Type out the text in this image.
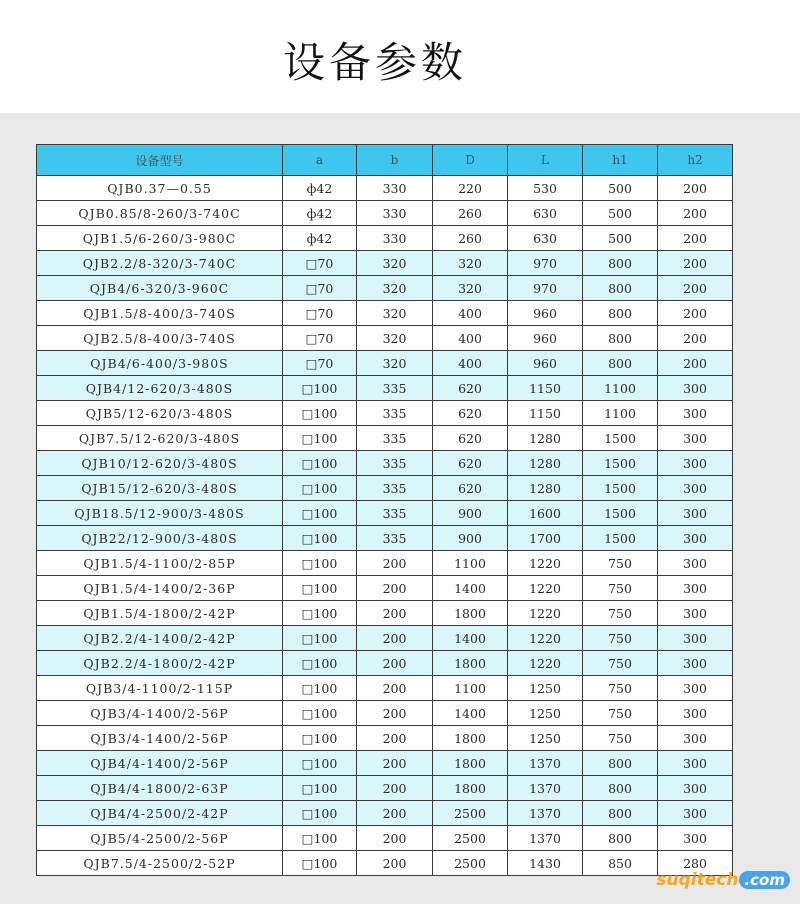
设备参数
设备型号	a	b	D	L	h1	h2
QJB0.37—0.55	ф42	330	220	530	500	200
QJB0.85/8-260/3-740C	ф42	330	260	630	500	200
QJB1.5/6-260/3-980C	ф42	330	260	630	500	200
QJB2.2/8-320/3-740C	□70	320	320	970	800	200
QJB4/6-320/3-960C	□70	320	320	970	800	200
QJB1.5/8-400/3-740S	□70	320	400	960	800	200
QJB2.5/8-400/3-740S	□70	320	400	960	800	200
QJB4/6-400/3-980S	□70	320	400	960	800	200
QJB4/12-620/3-480S	□100	335	620	1150	1100	300
QJB5/12-620/3-480S	□100	335	620	1150	1100	300
QJB7.5/12-620/3-480S	□100	335	620	1280	1500	300
QJB10/12-620/3-480S	□100	335	620	1280	1500	300
QJB15/12-620/3-480S	□100	335	620	1280	1500	300
QJB18.5/12-900/3-480S	□100	335	900	1600	1500	300
QJB22/12-900/3-480S	□100	335	900	1700	1500	300
QJB1.5/4-1100/2-85P	□100	200	1100	1220	750	300
QJB1.5/4-1400/2-36P	□100	200	1400	1220	750	300
QJB1.5/4-1800/2-42P	□100	200	1800	1220	750	300
QJB2.2/4-1400/2-42P	□100	200	1400	1220	750	300
QJB2.2/4-1800/2-42P	□100	200	1800	1220	750	300
QJB3/4-1100/2-115P	□100	200	1100	1250	750	300
QJB3/4-1400/2-56P	□100	200	1400	1250	750	300
QJB3/4-1400/2-56P	□100	200	1800	1250	750	300
QJB4/4-1400/2-56P	□100	200	1800	1370	800	300
QJB4/4-1800/2-63P	□100	200	1800	1370	800	300
QJB4/4-2500/2-42P	□100	200	2500	1370	800	300
QJB5/4-2500/2-56P	□100	200	2500	1370	800	300
QJB7.5/4-2500/2-52P	□100	200	2500	1430	850	280
suqitech .com
